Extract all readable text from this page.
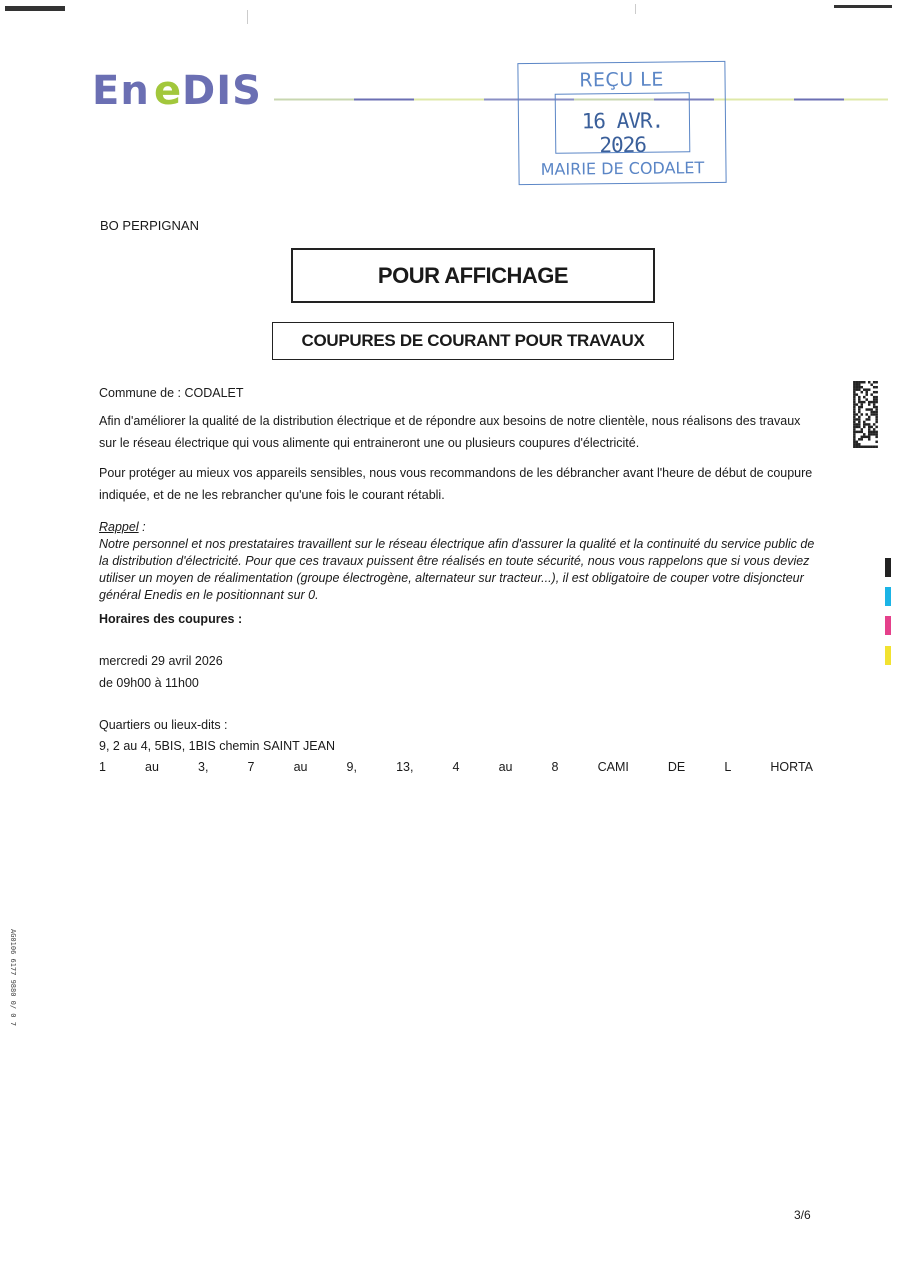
En e DIS	REÇU LE
16 AVR. 2026
MAIRIE DE CODALET
BO PERPIGNAN
POUR AFFICHAGE
COUPURES DE COURANT POUR TRAVAUX
Commune de : CODALET
Afin d'améliorer la qualité de la distribution électrique et de répondre aux besoins de notre clientèle, nous réalisons des travaux sur le réseau électrique qui vous alimente qui entraineront une ou plusieurs coupures d'électricité.
Pour protéger au mieux vos appareils sensibles, nous vous recommandons de les débrancher avant l'heure de début de coupure indiquée, et de ne les rebrancher qu'une fois le courant rétabli.
Rappel :
Notre personnel et nos prestataires travaillent sur le réseau électrique afin d'assurer la qualité et la continuité du service public de la distribution d'électricité. Pour que ces travaux puissent être réalisés en toute sécurité, nous vous rappelons que si vous deviez utiliser un moyen de réalimentation (groupe électrogène, alternateur sur tracteur...), il est obligatoire de couper votre disjoncteur général Enedis en le positionnant sur 0.
Horaires des coupures :
mercredi 29 avril 2026
de 09h00 à 11h00
Quartiers ou lieux-dits :
9, 2 au 4, 5BIS, 1BIS chemin SAINT JEAN
1	au	3,	7	au	9,	13,	4	au	8	CAMI	DE	L	HORTA
AG0106 6177 9880 0/ 0 7
3/6
